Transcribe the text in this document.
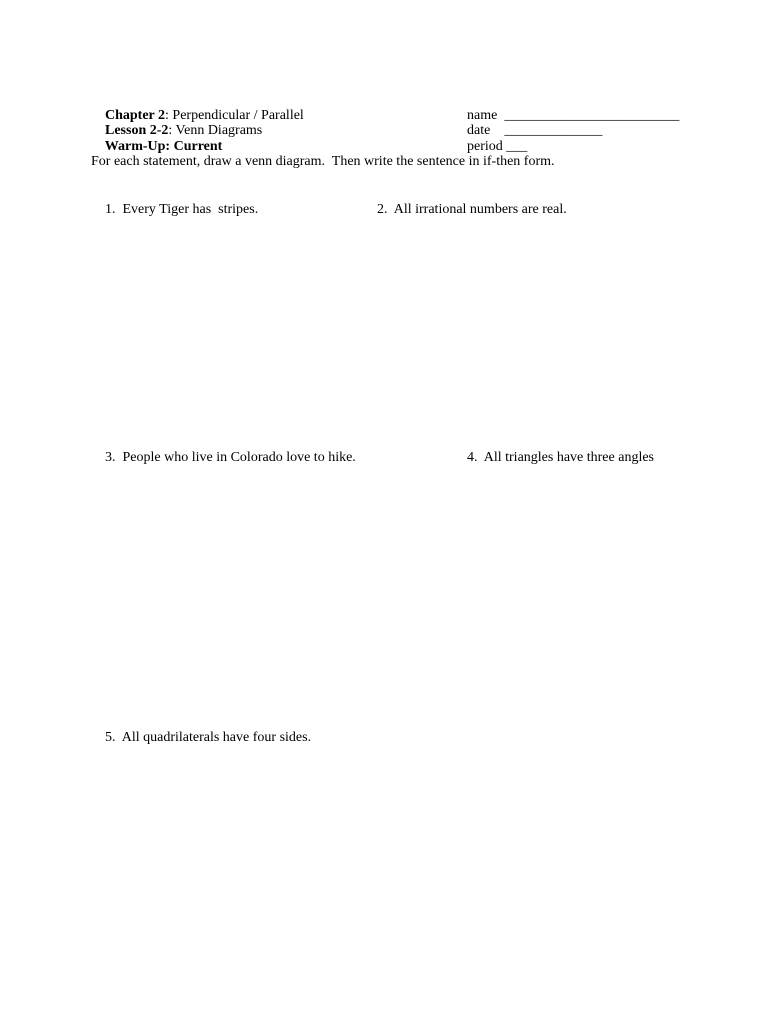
Chapter 2: Perpendicular / Parallel

Lesson 2-2: Venn Diagrams

Warm-Up: Current

name _________________________

date ______________

period ___

For each statement, draw a venn diagram.  Then write the sentence in if-then form.

1. Every Tiger has  stripes.
	2. All irrational numbers are real.

3. People who live in Colorado love to hike.
	4. All triangles have three angles

5. All quadrilaterals have four sides.
